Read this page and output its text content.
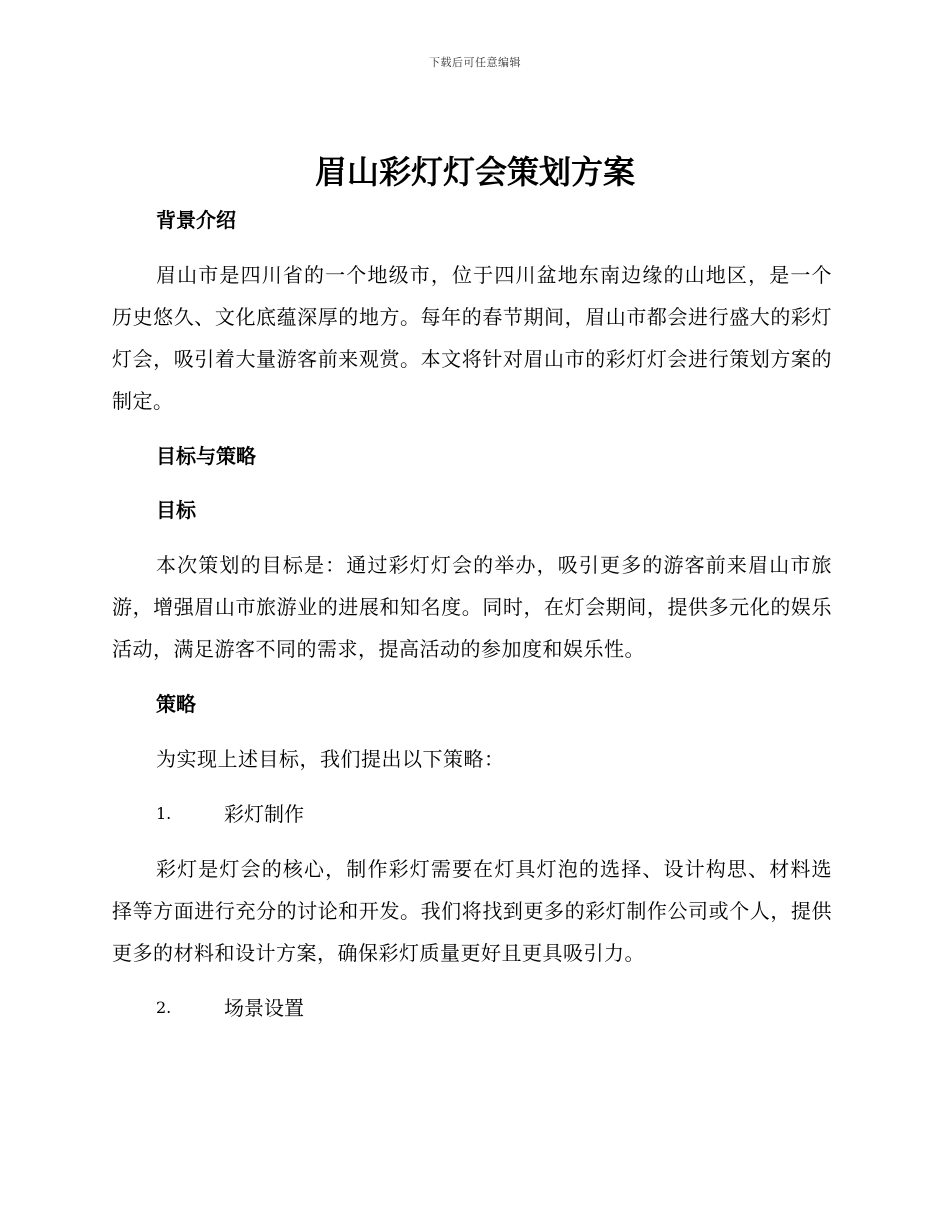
下载后可任意编辑
眉山彩灯灯会策划方案
背景介绍

眉山市是四川省的一个地级市，位于四川盆地东南边缘的山地区，是一个历史悠久、文化底蕴深厚的地方。每年的春节期间，眉山市都会进行盛大的彩灯灯会，吸引着大量游客前来观赏。本文将针对眉山市的彩灯灯会进行策划方案的制定。

目标与策略
目标

本次策划的目标是：通过彩灯灯会的举办，吸引更多的游客前来眉山市旅游，增强眉山市旅游业的进展和知名度。同时，在灯会期间，提供多元化的娱乐活动，满足游客不同的需求，提高活动的参加度和娱乐性。

策略

为实现上述目标，我们提出以下策略：

1.	彩灯制作

彩灯是灯会的核心，制作彩灯需要在灯具灯泡的选择、设计构思、材料选择等方面进行充分的讨论和开发。我们将找到更多的彩灯制作公司或个人，提供更多的材料和设计方案，确保彩灯质量更好且更具吸引力。

2.	场景设置
